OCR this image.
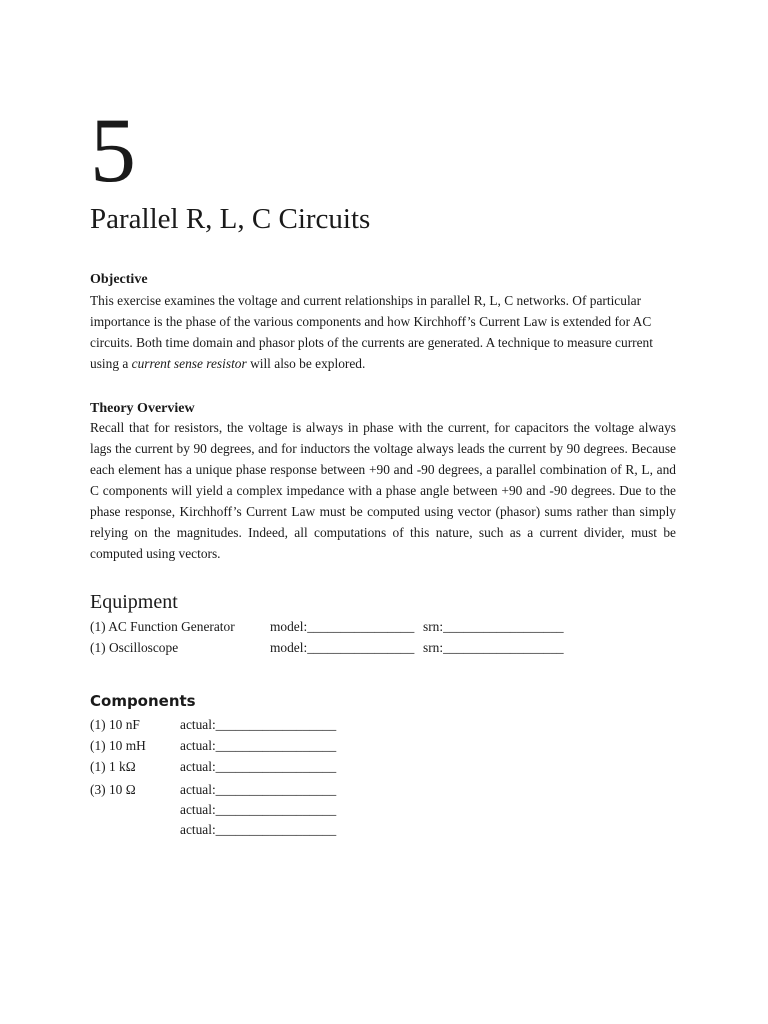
5
Parallel R, L, C Circuits
Objective

This exercise examines the voltage and current relationships in parallel R, L, C networks. Of particular importance is the phase of the various components and how Kirchhoff’s Current Law is extended for AC circuits. Both time domain and phasor plots of the currents are generated. A technique to measure current using a current sense resistor will also be explored.

Theory Overview

Recall that for resistors, the voltage is always in phase with the current, for capacitors the voltage always lags the current by 90 degrees, and for inductors the voltage always leads the current by 90 degrees. Because each element has a unique phase response between +90 and -90 degrees, a parallel combination of R, L, and C components will yield a complex impedance with a phase angle between +90 and -90 degrees. Due to the phase response, Kirchhoff’s Current Law must be computed using vector (phasor) sums rather than simply relying on the magnitudes. Indeed, all computations of this nature, such as a current divider, must be computed using vectors.

Equipment
(1) AC Function Generator	model:________________ srn:__________________
(1) Oscilloscope	model:________________ srn:__________________
Components
(1) 10 nF	actual:__________________
(1) 10 mH	actual:__________________
(1) 1 kΩ	actual:__________________
(3) 10 Ω	actual:__________________
actual:__________________
actual:__________________
